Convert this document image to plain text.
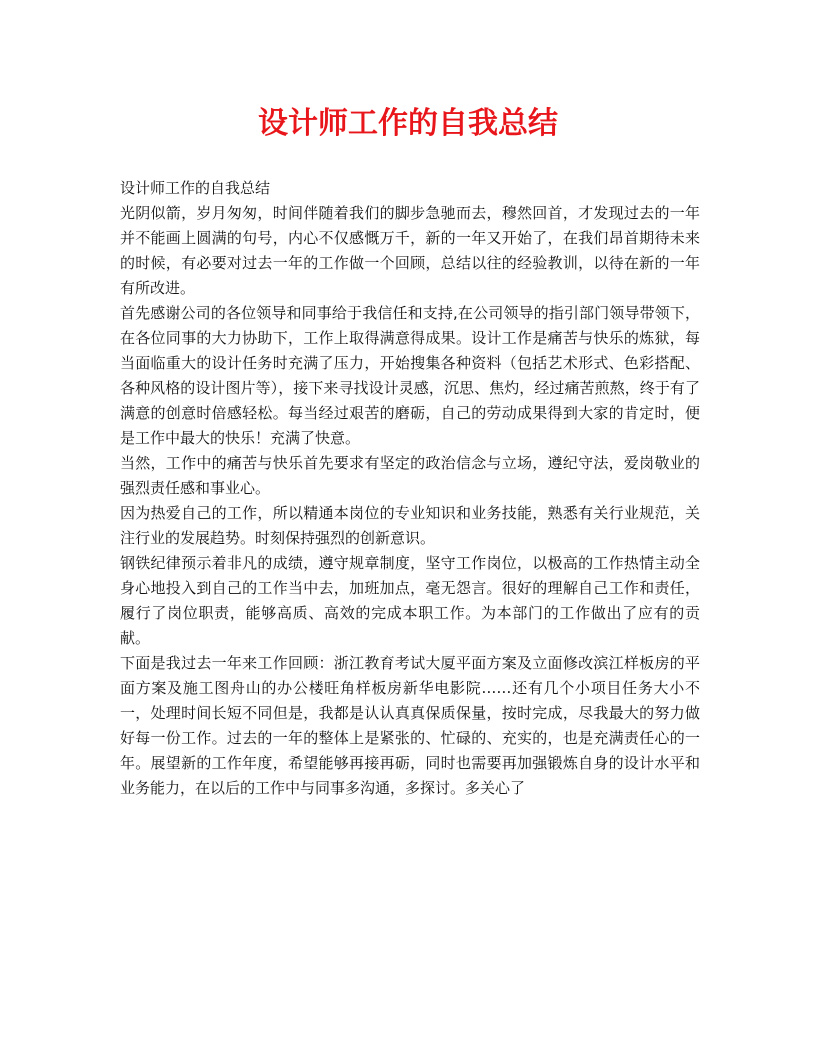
设计师工作的自我总结

设计师工作的自我总结

光阴似箭，岁月匆匆，时间伴随着我们的脚步急驰而去，穆然回首，才发现过去的一年并不能画上圆满的句号，内心不仅感慨万千，新的一年又开始了，在我们昂首期待未来的时候，有必要对过去一年的工作做一个回顾，总结以往的经验教训，以待在新的一年有所改进。

首先感谢公司的各位领导和同事给于我信任和支持,在公司领导的指引部门领导带领下，在各位同事的大力协助下，工作上取得满意得成果。设计工作是痛苦与快乐的炼狱，每当面临重大的设计任务时充满了压力，开始搜集各种资料（包括艺术形式、色彩搭配、各种风格的设计图片等），接下来寻找设计灵感，沉思、焦灼，经过痛苦煎熬，终于有了满意的创意时倍感轻松。每当经过艰苦的磨砺，自己的劳动成果得到大家的肯定时，便是工作中最大的快乐！充满了快意。

当然，工作中的痛苦与快乐首先要求有坚定的政治信念与立场，遵纪守法，爱岗敬业的强烈责任感和事业心。

因为热爱自己的工作，所以精通本岗位的专业知识和业务技能，熟悉有关行业规范，关注行业的发展趋势。时刻保持强烈的创新意识。

钢铁纪律预示着非凡的成绩，遵守规章制度，坚守工作岗位，以极高的工作热情主动全身心地投入到自己的工作当中去，加班加点，毫无怨言。很好的理解自己工作和责任，履行了岗位职责，能够高质、高效的完成本职工作。为本部门的工作做出了应有的贡献。

下面是我过去一年来工作回顾：浙江教育考试大厦平面方案及立面修改滨江样板房的平面方案及施工图舟山的办公楼旺角样板房新华电影院……还有几个小项目任务大小不一，处理时间长短不同但是，我都是认认真真保质保量，按时完成，尽我最大的努力做好每一份工作。过去的一年的整体上是紧张的、忙碌的、充实的，也是充满责任心的一年。展望新的工作年度，希望能够再接再砺，同时也需要再加强锻炼自身的设计水平和业务能力，在以后的工作中与同事多沟通，多探讨。多关心了
